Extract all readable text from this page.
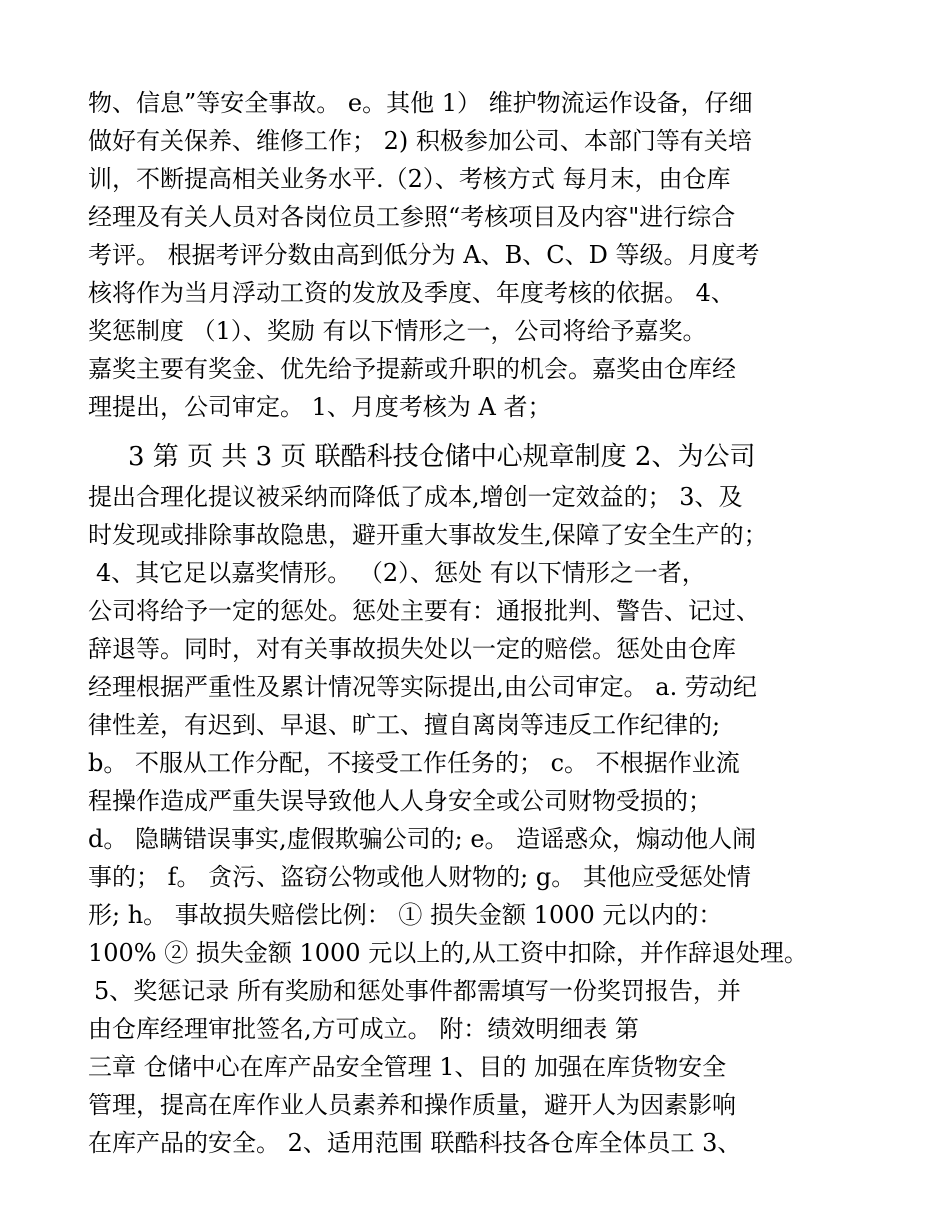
物、信息”等安全事故。 e。其他 1） 维护物流运作设备，仔细
做好有关保养、维修工作； 2) 积极参加公司、本部门等有关培
训，不断提高相关业务水平.（2）、考核方式 每月末，由仓库
经理及有关人员对各岗位员工参照“考核项目及内容"进行综合
考评。 根据考评分数由高到低分为 A、B、C、D 等级。月度考
核将作为当月浮动工资的发放及季度、年度考核的依据。 4、
奖惩制度 （1）、奖励 有以下情形之一，公司将给予嘉奖。
嘉奖主要有奖金、优先给予提薪或升职的机会。嘉奖由仓库经
理提出，公司审定。 1、月度考核为 A 者；
3 第 页 共 3 页 联酷科技仓储中心规章制度 2、为公司
提出合理化提议被采纳而降低了成本,增创一定效益的； 3、及
时发现或排除事故隐患，避开重大事故发生,保障了安全生产的；
4、其它足以嘉奖情形。 （2）、惩处 有以下情形之一者，
公司将给予一定的惩处。惩处主要有：通报批判、警告、记过、
辞退等。同时，对有关事故损失处以一定的赔偿。惩处由仓库
经理根据严重性及累计情况等实际提出,由公司审定。 a. 劳动纪
律性差，有迟到、早退、旷工、擅自离岗等违反工作纪律的;
b。 不服从工作分配，不接受工作任务的； c。 不根据作业流
程操作造成严重失误导致他人人身安全或公司财物受损的；
d。 隐瞒错误事实,虚假欺骗公司的; e。 造谣惑众，煽动他人闹
事的； f。 贪污、盗窃公物或他人财物的; g。 其他应受惩处情
形; h。 事故损失赔偿比例： ① 损失金额 1000 元以内的：
100% ② 损失金额 1000 元以上的,从工资中扣除，并作辞退处理。
5、奖惩记录 所有奖励和惩处事件都需填写一份奖罚报告，并
由仓库经理审批签名,方可成立。 附：绩效明细表 第
三章 仓储中心在库产品安全管理 1、目的 加强在库货物安全
管理，提高在库作业人员素养和操作质量，避开人为因素影响
在库产品的安全。 2、适用范围 联酷科技各仓库全体员工 3、
